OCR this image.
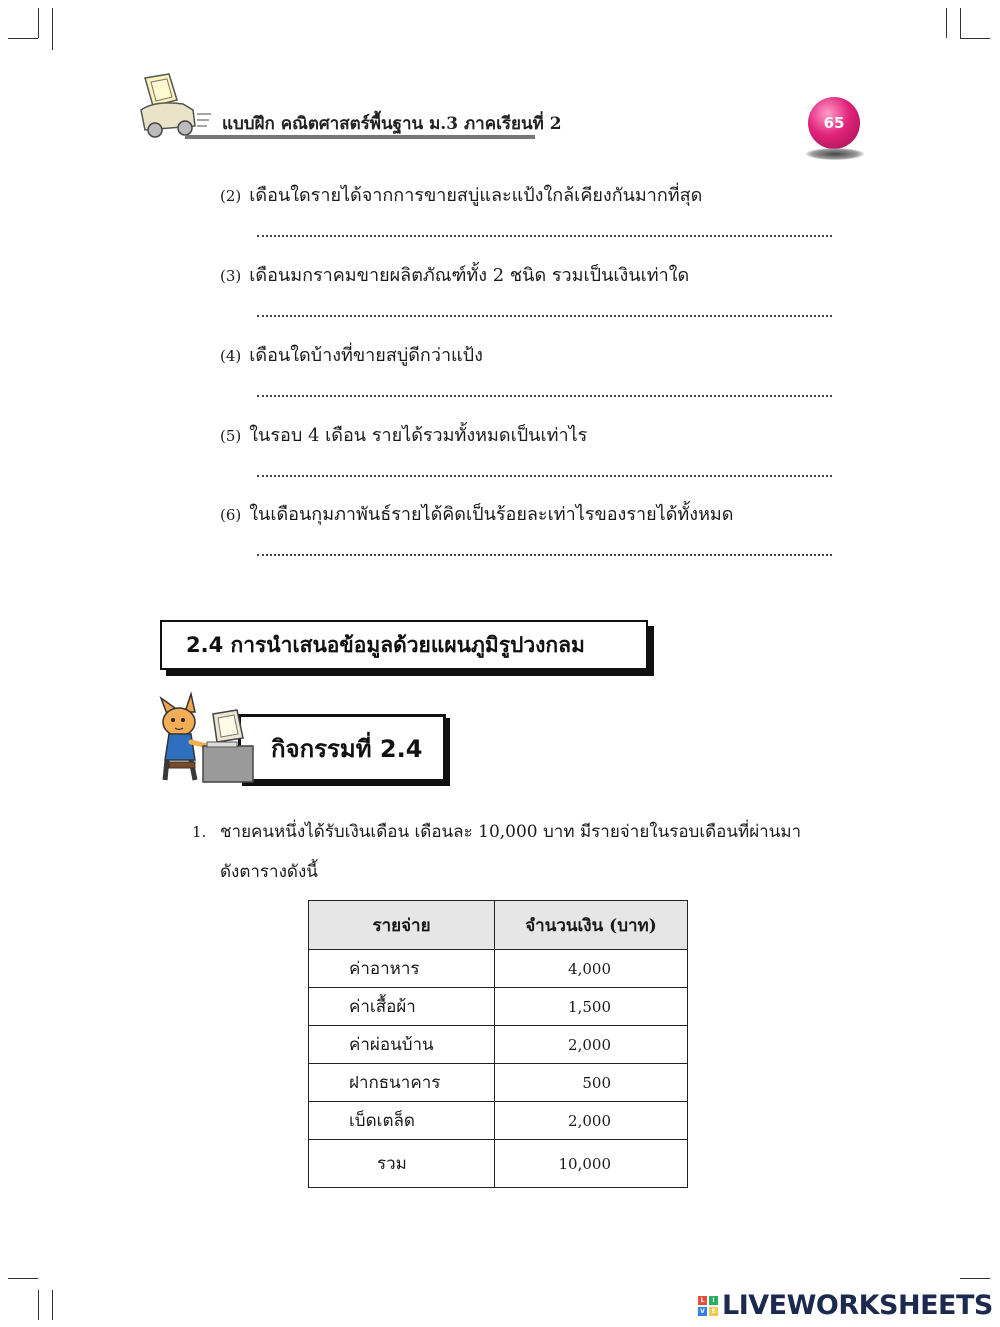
แบบฝึก คณิตศาสตร์พื้นฐาน ม.3 ภาคเรียนที่ 2	65
(2) เดือนใดรายได้จากการขายสบู่และแป้งใกล้เคียงกันมากที่สุด
(3) เดือนมกราคมขายผลิตภัณฑ์ทั้ง 2 ชนิด รวมเป็นเงินเท่าใด
(4) เดือนใดบ้างที่ขายสบู่ดีกว่าแป้ง
(5) ในรอบ 4 เดือน รายได้รวมทั้งหมดเป็นเท่าไร
(6) ในเดือนกุมภาพันธ์รายได้คิดเป็นร้อยละเท่าไรของรายได้ทั้งหมด
2.4 การนำเสนอข้อมูลด้วยแผนภูมิรูปวงกลม
กิจกรรมที่ 2.4
1. ชายคนหนึ่งได้รับเงินเดือน เดือนละ 10,000 บาท มีรายจ่ายในรอบเดือนที่ผ่านมา
ดังตารางดังนี้
รายจ่าย	จำนวนเงิน (บาท)
ค่าอาหาร	4,000
ค่าเสื้อผ้า	1,500
ค่าผ่อนบ้าน	2,000
ฝากธนาคาร	500
เบ็ดเตล็ด	2,000
รวม	10,000
L	I
V	E LIVEWORKSHEETS
